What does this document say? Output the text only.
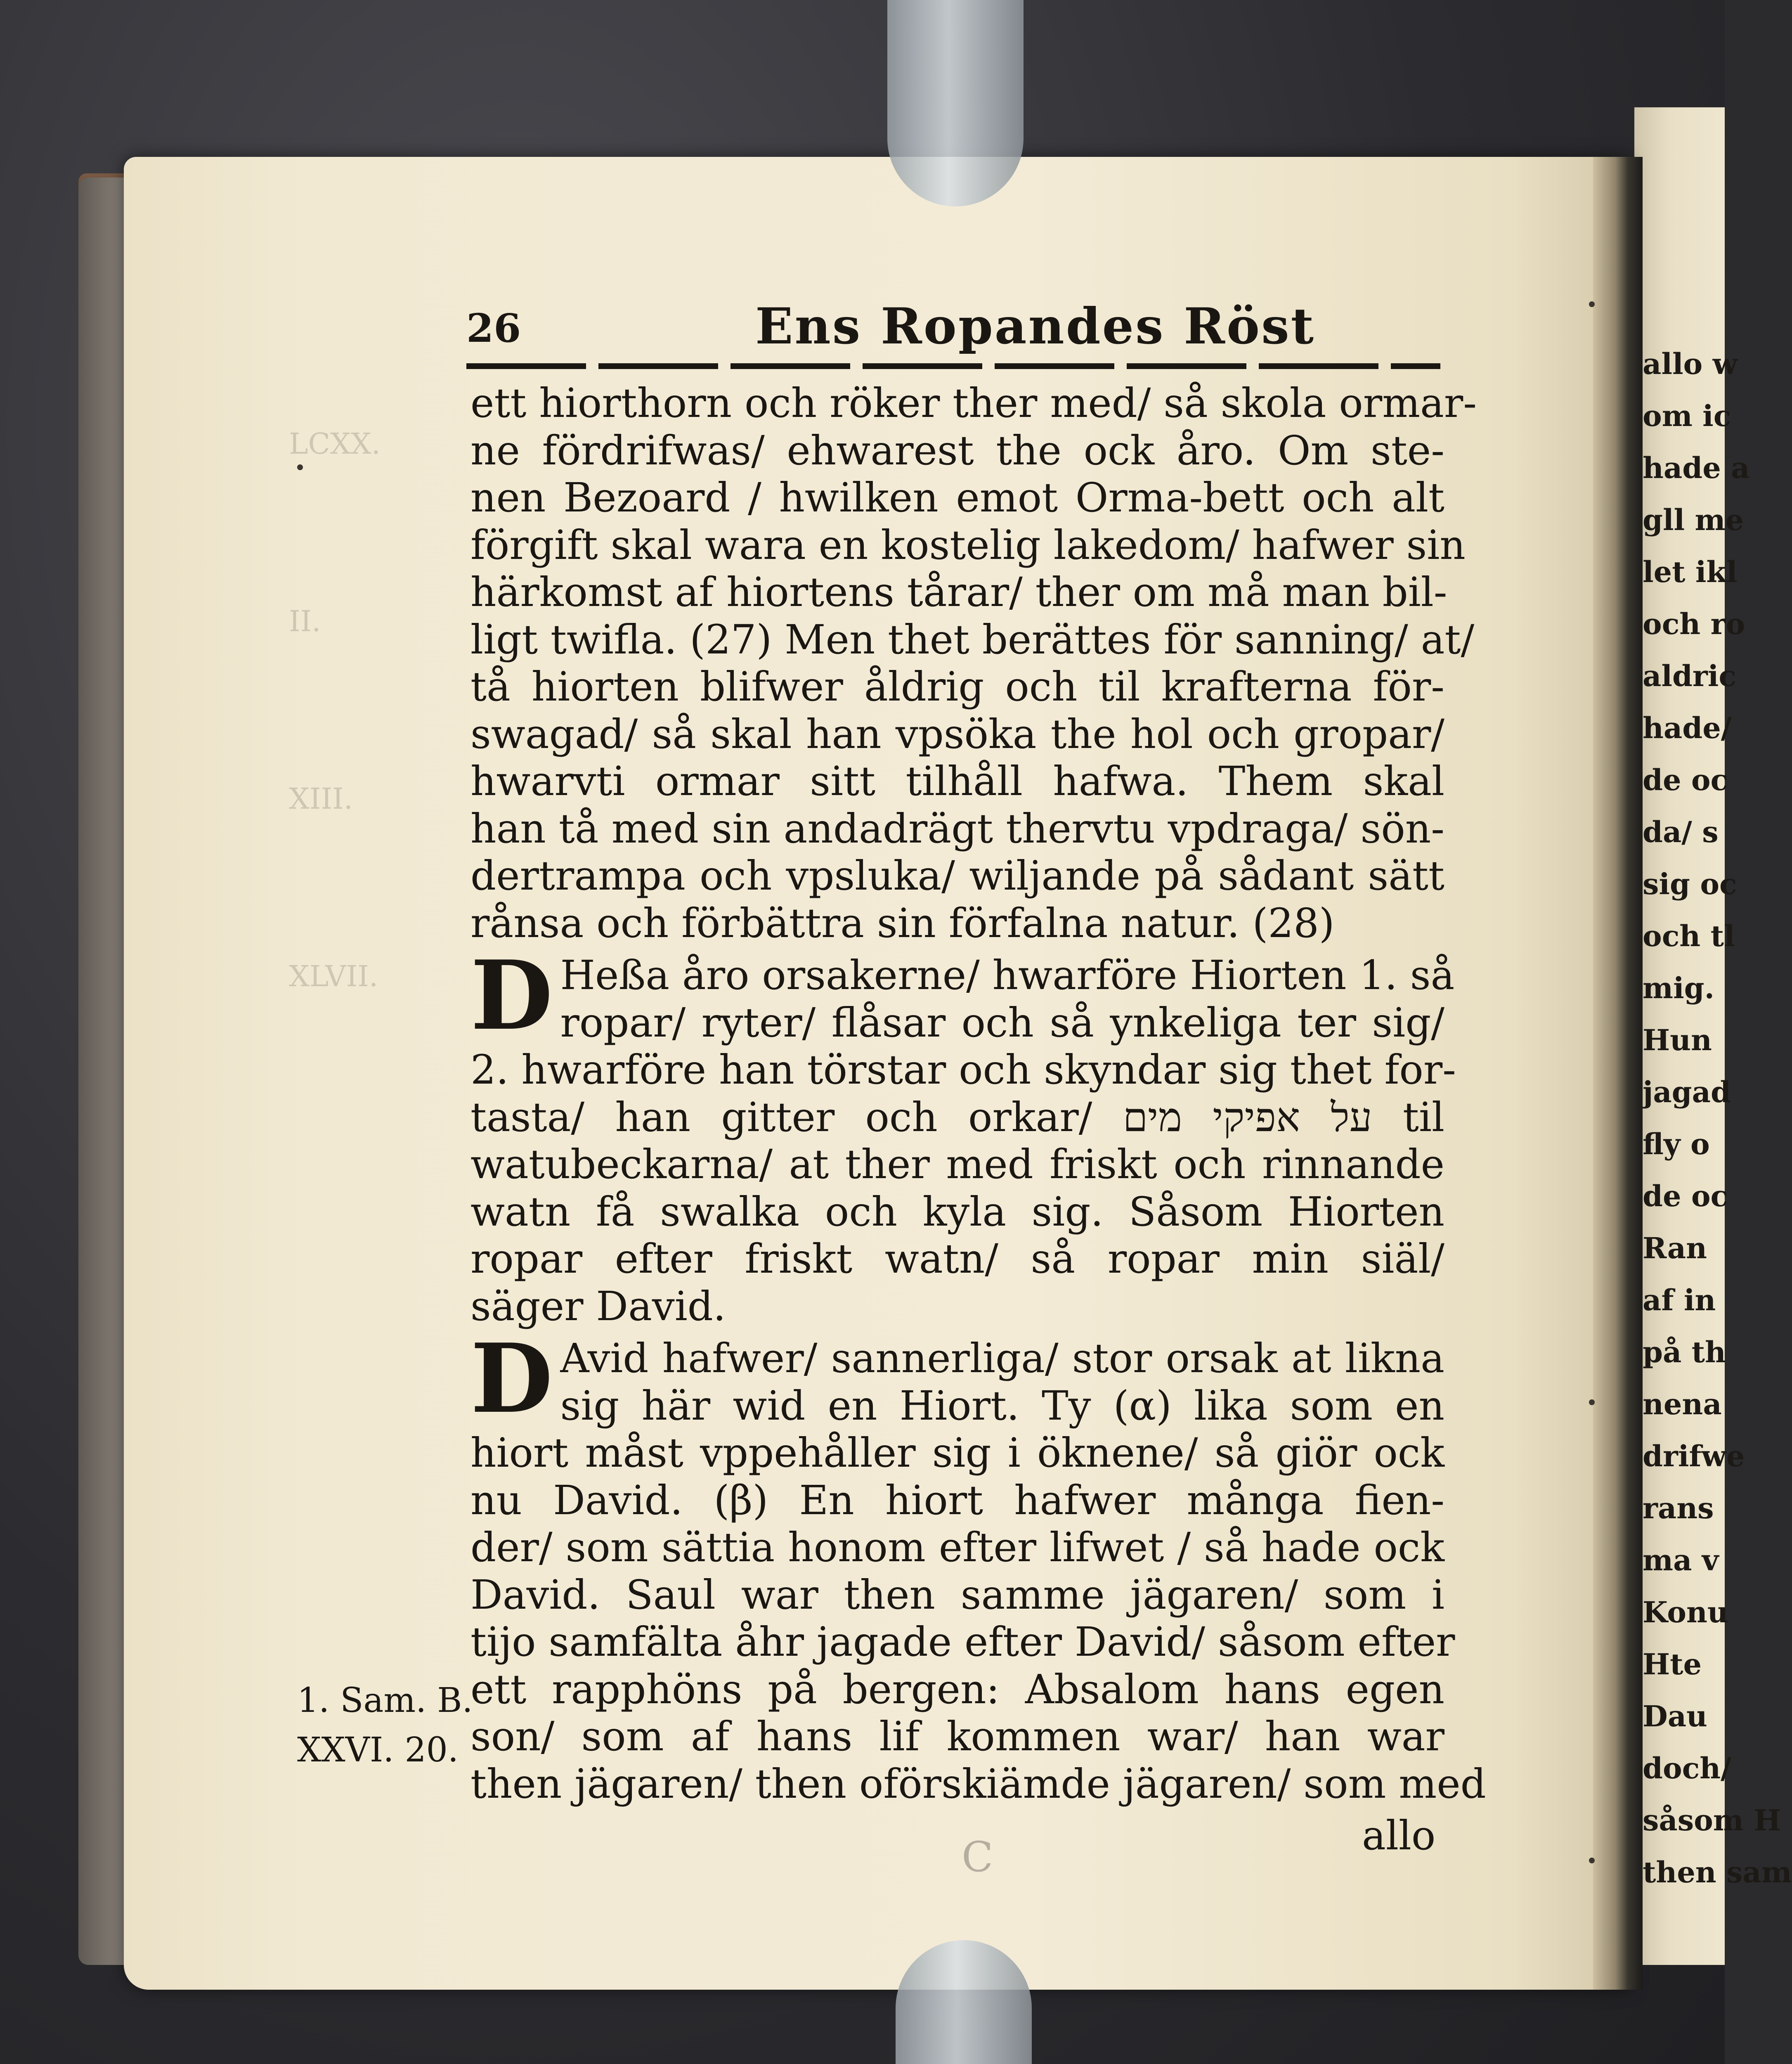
allo w
om ic
hade a
gll me
let ikl
och ro
aldric
hade/
de oc
da/ s
sig oc
och tl
mig.
Hun
jagad
fly o
de oc
Ran
af in
på th
nena
drifwe
rans
ma v
Konu
Hte
Dau
doch/
såsom H
then sam
LCXX.
II.
XIII.
XLVII.
26	Ens Ropandes Röst
ett hiorthorn och röker ther med/ så skola ormar-
ne fördrifwas/ ehwarest the ock åro. Om ste-
nen Bezoard / hwilken emot Orma-bett och alt
förgift skal wara en kostelig lakedom/ hafwer sin
härkomst af hiortens tårar/ ther om må man bil-
ligt twifla. (27) Men thet berättes för sanning/ at/
tå hiorten blifwer åldrig och til krafterna för-
swagad/ så skal han vpsöka the hol och gropar/
hwarvti ormar sitt tilhåll hafwa. Them skal
han tå med sin andadrägt thervtu vpdraga/ sön-
dertrampa och vpsluka/ wiljande på sådant sätt
rånsa och förbättra sin förfalna natur. (28)
D Heßa åro orsakerne/ hwarföre Hiorten 1. så
ropar/ ryter/ flåsar och så ynkeliga ter sig/
2. hwarföre han törstar och skyndar sig thet for-
tasta/ han gitter och orkar/ על אפיקי מים til
watubeckarna/ at ther med friskt och rinnande
watn få swalka och kyla sig. Såsom Hiorten
ropar efter friskt watn/ så ropar min siäl/
säger David.
D Avid hafwer/ sannerliga/ stor orsak at likna
sig här wid en Hiort. Ty (α) lika som en
hiort måst vppehåller sig i öknene/ så giör ock
nu David. (β) En hiort hafwer många fien-
der/ som sättia honom efter lifwet / så hade ock
David. Saul war then samme jägaren/ som i
tijo samfälta åhr jagade efter David/ såsom efter
ett rapphöns på bergen: Absalom hans egen
son/ som af hans lif kommen war/ han war
then jägaren/ then oförskiämde jägaren/ som med
1. Sam. B.
XXVI. 20.
allo
C
